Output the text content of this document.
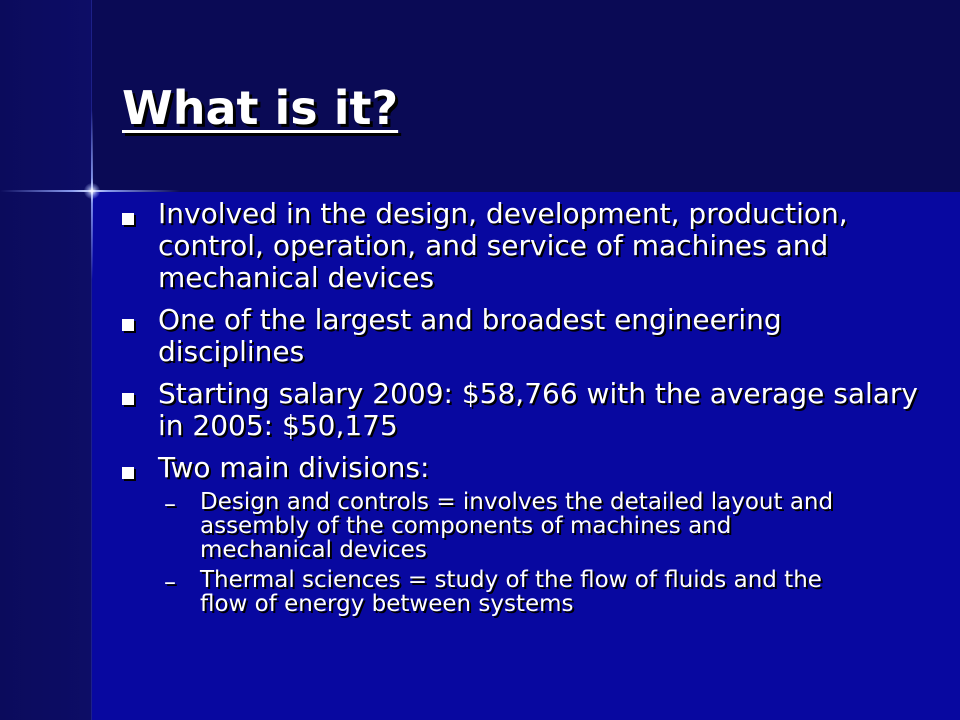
What is it?
Involved in the design, development, production, control, operation, and service of machines and mechanical devices
One of the largest and broadest engineering disciplines
Starting salary 2009: $58,766 with the average salary in 2005: $50,175
Two main divisions:
– Design and controls = involves the detailed layout and assembly of the components of machines and mechanical devices
– Thermal sciences = study of the flow of fluids and the flow of energy between systems
